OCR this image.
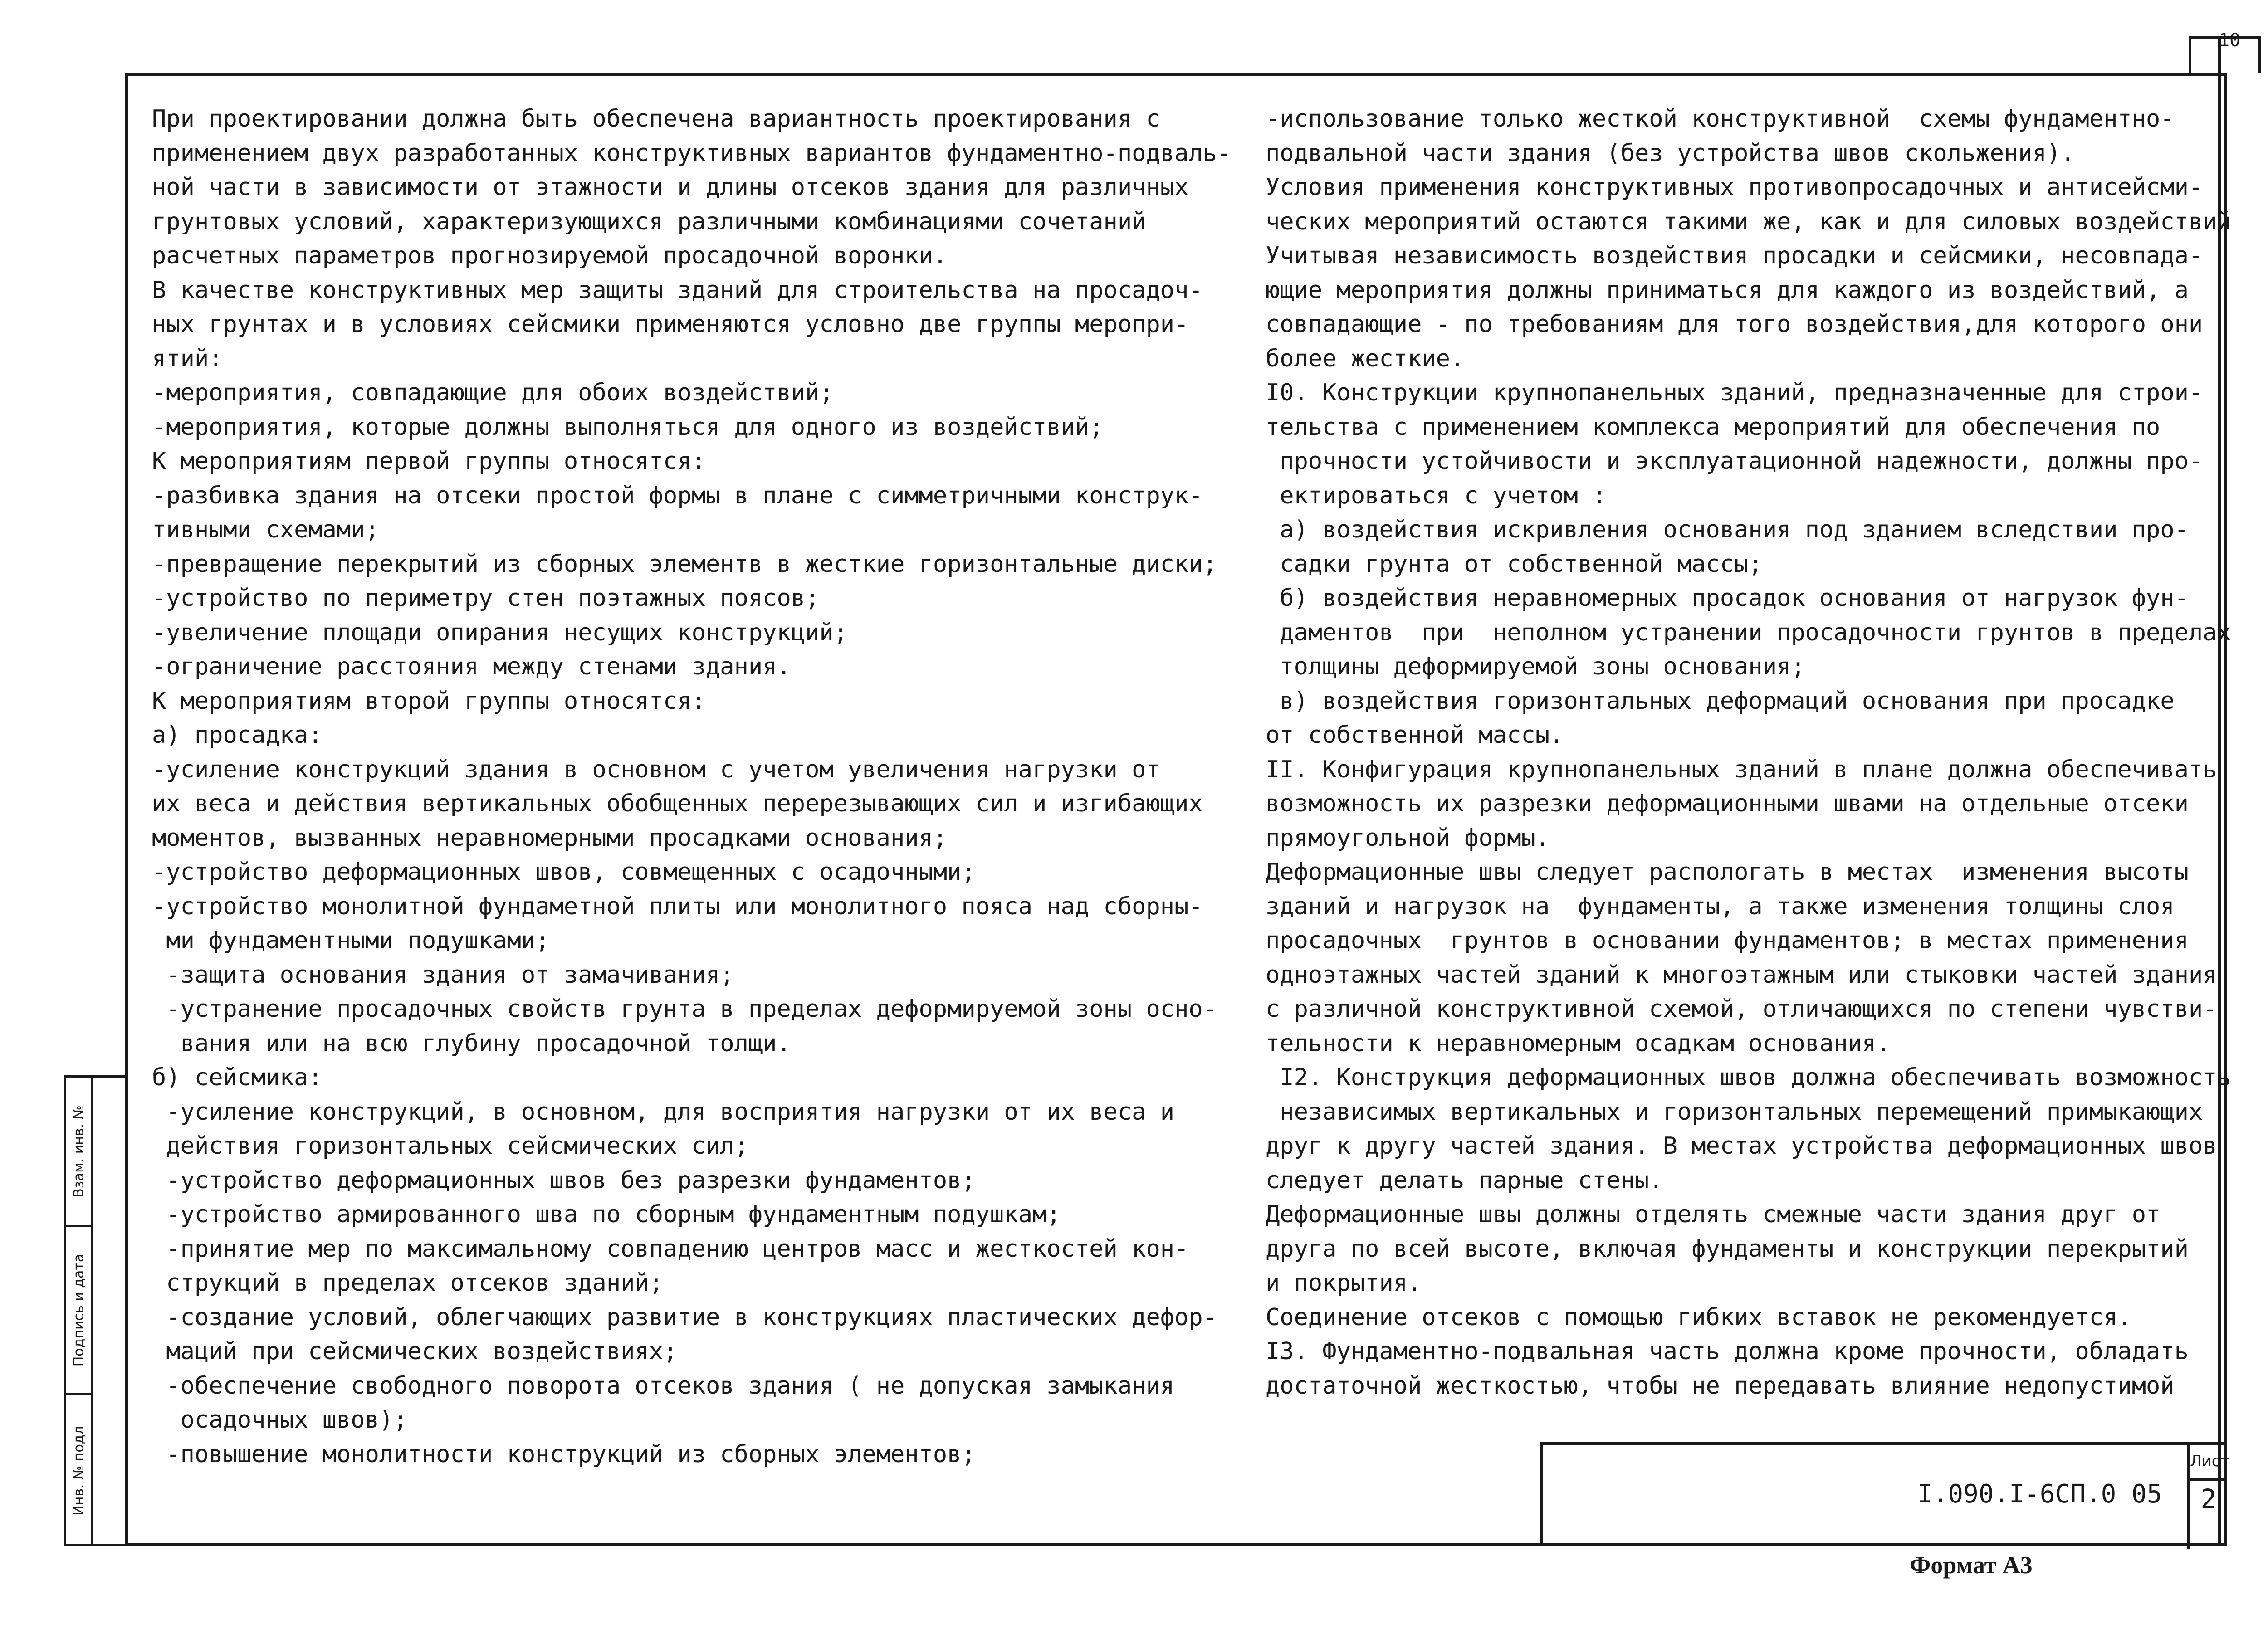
10
Взам. инв. №
Подпись и дата
Инв. № подл
При проектировании должна быть обеспечена вариантность проектирования с
применением двух разработанных конструктивных вариантов фундаментно-подваль-
ной части в зависимости от этажности и длины отсеков здания для различных
грунтовых условий, характеризующихся различными комбинациями сочетаний
расчетных параметров прогнозируемой просадочной воронки.
В качестве конструктивных мер защиты зданий для строительства на просадоч-
ных грунтах и в условиях сейсмики применяются условно две группы меропри-
ятий:
-мероприятия, совпадающие для обоих воздействий;
-мероприятия, которые должны выполняться для одного из воздействий;
К мероприятиям первой группы относятся:
-разбивка здания на отсеки простой формы в плане с симметричными конструк-
тивными схемами;
-превращение перекрытий из сборных элементв в жесткие горизонтальные диски;
-устройство по периметру стен поэтажных поясов;
-увеличение площади опирания несущих конструкций;
-ограничение расстояния между стенами здания.
К мероприятиям второй группы относятся:
а) просадка:
-усиление конструкций здания в основном с учетом увеличения нагрузки от
их веса и действия вертикальных обобщенных перерезывающих сил и изгибающих
моментов, вызванных неравномерными просадками основания;
-устройство деформационных швов, совмещенных с осадочными;
-устройство монолитной фундаметной плиты или монолитного пояса над сборны-
ми фундаментными подушками;
-защита основания здания от замачивания;
-устранение просадочных свойств грунта в пределах деформируемой зоны осно-
вания или на всю глубину просадочной толщи.
б) сейсмика:
-усиление конструкций, в основном, для восприятия нагрузки от их веса и
действия горизонтальных сейсмических сил;
-устройство деформационных швов без разрезки фундаментов;
-устройство армированного шва по сборным фундаментным подушкам;
-принятие мер по максимальному совпадению центров масс и жесткостей кон-
струкций в пределах отсеков зданий;
-создание условий, облегчающих развитие в конструкциях пластических дефор-
маций при сейсмических воздействиях;
-обеспечение свободного поворота отсеков здания ( не допуская замыкания
осадочных швов);
-повышение монолитности конструкций из сборных элементов;
-использование только жесткой конструктивной  схемы фундаментно-
подвальной части здания (без устройства швов скольжения).
Условия применения конструктивных противопросадочных и антисейсми-
ческих мероприятий остаются такими же, как и для силовых воздействий
Учитывая независимость воздействия просадки и сейсмики, несовпада-
ющие мероприятия должны приниматься для каждого из воздействий, а
совпадающие - по требованиям для того воздействия,для которого они
более жесткие.
I0. Конструкции крупнопанельных зданий, предназначенные для строи-
тельства с применением комплекса мероприятий для обеспечения по
прочности устойчивости и эксплуатационной надежности, должны про-
ектироваться с учетом :
а) воздействия искривления основания под зданием вследствии про-
садки грунта от собственной массы;
б) воздействия неравномерных просадок основания от нагрузок фун-
даментов  при  неполном устранении просадочности грунтов в пределах
толщины деформируемой зоны основания;
в) воздействия горизонтальных деформаций основания при просадке
от собственной массы.
II. Конфигурация крупнопанельных зданий в плане должна обеспечивать
возможность их разрезки деформационными швами на отдельные отсеки
прямоугольной формы.
Деформационные швы следует распологать в местах  изменения высоты
зданий и нагрузок на  фундаменты, а также изменения толщины слоя
просадочных  грунтов в основании фундаментов; в местах применения
одноэтажных частей зданий к многоэтажным или стыковки частей здания
с различной конструктивной схемой, отличающихся по степени чувстви-
тельности к неравномерным осадкам основания.
I2. Конструкция деформационных швов должна обеспечивать возможность
независимых вертикальных и горизонтальных перемещений примыкающих
друг к другу частей здания. В местах устройства деформационных швов
следует делать парные стены.
Деформационные швы должны отделять смежные части здания друг от
друга по всей высоте, включая фундаменты и конструкции перекрытий
и покрытия.
Соединение отсеков с помощью гибких вставок не рекомендуется.
I3. Фундаментно-подвальная часть должна кроме прочности, обладать
достаточной жесткостью, чтобы не передавать влияние недопустимой
I.090.I-6СП.0 05
Лист
2
Формат А3
